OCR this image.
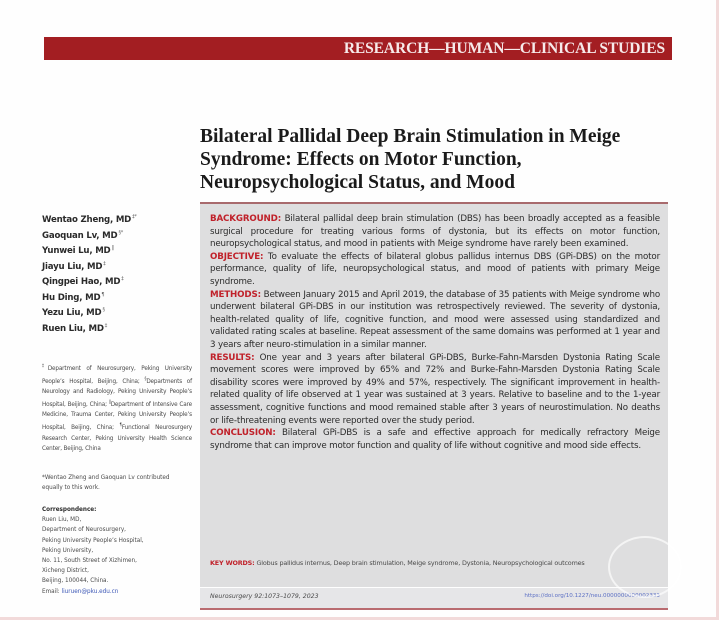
RESEARCH—HUMAN—CLINICAL STUDIES
Bilateral Pallidal Deep Brain Stimulation in Meige Syndrome: Effects on Motor Function, Neuropsychological Status, and Mood
Wentao Zheng, MD‡*
Gaoquan Lv, MD§*
Yunwei Lu, MD‖
Jiayu Liu, MD‡
Qingpei Hao, MD‡
Hu Ding, MD¶
Yezu Liu, MD§
Ruen Liu, MD‡
‡Department of Neurosurgery, Peking University People’s Hospital, Beijing, China; §Departments of Neurology and Radiology, Peking University People’s Hospital, Beijing, China; ‖Department of Intensive Care Medicine, Trauma Center, Peking University People’s Hospital, Beijing, China; ¶Functional Neurosurgery Research Center, Peking University Health Science Center, Beijing, China
*Wentao Zheng and Gaoquan Lv contributed equally to this work.
Correspondence:
Ruen Liu, MD,
Department of Neurosurgery,
Peking University People’s Hospital,
Peking University,
No. 11, South Street of Xizhimen,
Xicheng District,
Beijing, 100044, China.
Email: liuruen@pku.edu.cn

BACKGROUND: Bilateral pallidal deep brain stimulation (DBS) has been broadly accepted as a feasible surgical procedure for treating various forms of dystonia, but its effects on motor function, neuropsychological status, and mood in patients with Meige syndrome have rarely been examined.

OBJECTIVE: To evaluate the effects of bilateral globus pallidus internus DBS (GPi-DBS) on the motor performance, quality of life, neuropsychological status, and mood of patients with primary Meige syndrome.

METHODS: Between January 2015 and April 2019, the database of 35 patients with Meige syndrome who underwent bilateral GPi-DBS in our institution was retrospectively reviewed. The severity of dystonia, health-related quality of life, cognitive function, and mood were assessed using standardized and validated rating scales at baseline. Repeat assessment of the same domains was performed at 1 year and 3 years after neuro-stimulation in a similar manner.

RESULTS: One year and 3 years after bilateral GPi-DBS, Burke-Fahn-Marsden Dystonia Rating Scale movement scores were improved by 65% and 72% and Burke-Fahn-Marsden Dystonia Rating Scale disability scores were improved by 49% and 57%, respectively. The significant improvement in health-related quality of life observed at 1 year was sustained at 3 years. Relative to baseline and to the 1-year assessment, cognitive functions and mood remained stable after 3 years of neurostimulation. No deaths or life-threatening events were reported over the study period.

CONCLUSION: Bilateral GPi-DBS is a safe and effective approach for medically refractory Meige syndrome that can improve motor function and quality of life without cognitive and mood side effects.

KEY WORDS: Globus pallidus internus, Deep brain stimulation, Meige syndrome, Dystonia, Neuropsychological outcomes
Neurosurgery 92:1073–1079, 2023	https://doi.org/10.1227/neu.0000000000002333
